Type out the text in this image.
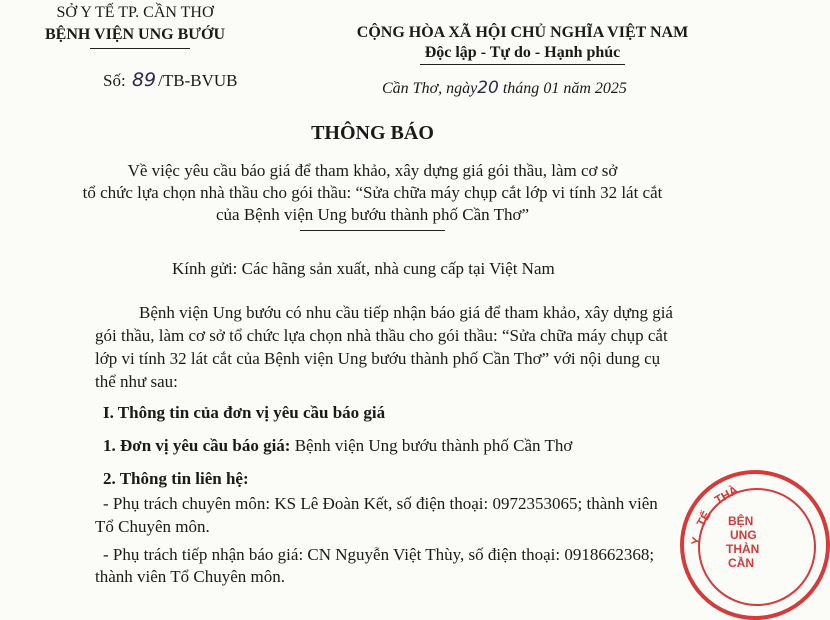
SỞ Y TẾ TP. CẦN THƠ
BỆNH VIỆN UNG BƯỚU
Số: 89 /TB-BVUB
CỘNG HÒA XÃ HỘI CHỦ NGHĨA VIỆT NAM
Độc lập - Tự do - Hạnh phúc
Cần Thơ, ngày20 tháng 01 năm 2025
THÔNG BÁO
Về việc yêu cầu báo giá để tham khảo, xây dựng giá gói thầu, làm cơ sở
tổ chức lựa chọn nhà thầu cho gói thầu: “Sửa chữa máy chụp cắt lớp vi tính 32 lát cắt
của Bệnh viện Ung bướu thành phố Cần Thơ”
Kính gửi: Các hãng sản xuất, nhà cung cấp tại Việt Nam
Bệnh viện Ung bướu có nhu cầu tiếp nhận báo giá để tham khảo, xây dựng giá
gói thầu, làm cơ sở tổ chức lựa chọn nhà thầu cho gói thầu: “Sửa chữa máy chụp cắt
lớp vi tính 32 lát cắt của Bệnh viện Ung bướu thành phố Cần Thơ” với nội dung cụ
thể như sau:
I. Thông tin của đơn vị yêu cầu báo giá
1. Đơn vị yêu cầu báo giá: Bệnh viện Ung bướu thành phố Cần Thơ
2. Thông tin liên hệ:
- Phụ trách chuyên môn: KS Lê Đoàn Kết, số điện thoại: 0972353065; thành viên
Tổ Chuyên môn.
- Phụ trách tiếp nhận báo giá: CN Nguyễn Việt Thùy, số điện thoại: 0918662368;
thành viên Tổ Chuyên môn.
BỆN
UNG
THÀN
CẦN
Y
TẾ
THÀ
